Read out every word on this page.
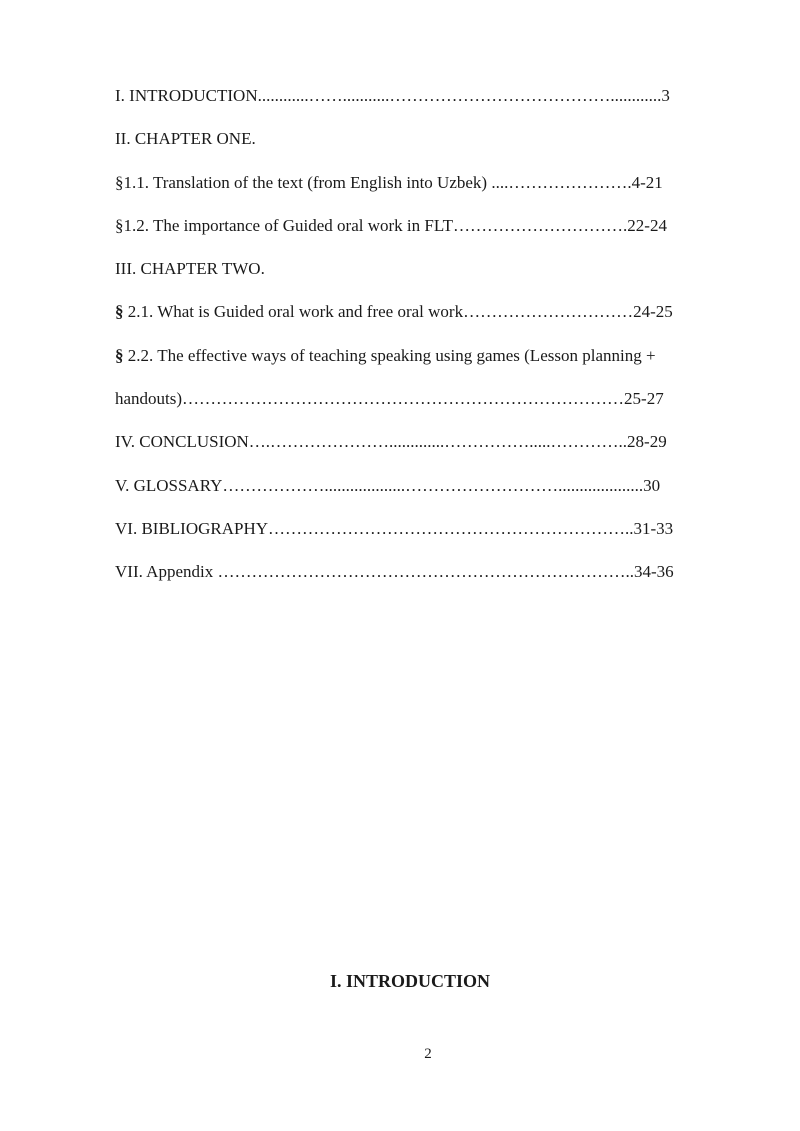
I. INTRODUCTION............……...........…………………………………............3
II. CHAPTER ONE.
§1.1. Translation of the text (from English into Uzbek) ....………………….4-21
§1.2. The importance of Guided oral work in FLT………………………….22-24
III. CHAPTER TWO.
§ 2.1. What is Guided oral work and free oral work…………………………24-25
§ 2.2. The effective ways of teaching speaking using games (Lesson planning +
handouts)……………………………………………………………………25-27
IV. CONCLUSION….………………….............…………….....…………..28-29
V. GLOSSARY………………...................………………………....................30
VI. BIBLIOGRAPHY………………………………………………………..31-33
VII. Appendix ………………………………………………………………..34-36
I. INTRODUCTION
2
